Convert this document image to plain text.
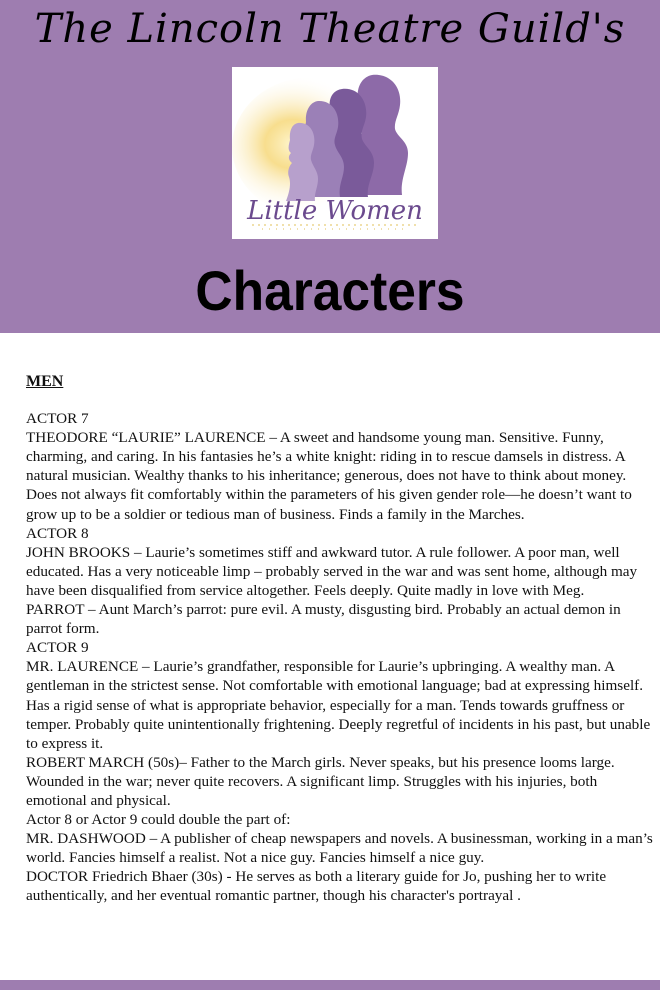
The Lincoln Theatre Guild's
Little Women
Characters
MEN

ACTOR 7

THEODORE “LAURIE” LAURENCE – A sweet and handsome young man. Sensitive. Funny, charming, and caring. In his fantasies he’s a white knight: riding in to rescue damsels in distress. A natural musician. Wealthy thanks to his inheritance; generous, does not have to think about money. Does not always fit comfortably within the parameters of his given gender role—he doesn’t want to grow up to be a soldier or tedious man of business. Finds a family in the Marches.

ACTOR 8

JOHN BROOKS – Laurie’s sometimes stiff and awkward tutor. A rule follower. A poor man, well educated. Has a very noticeable limp – probably served in the war and was sent home, although may have been disqualified from service altogether. Feels deeply. Quite madly in love with Meg.

PARROT – Aunt March’s parrot: pure evil. A musty, disgusting bird. Probably an actual demon in parrot form.

ACTOR 9

MR. LAURENCE – Laurie’s grandfather, responsible for Laurie’s upbringing. A wealthy man. A gentleman in the strictest sense. Not comfortable with emotional language; bad at expressing himself. Has a rigid sense of what is appropriate behavior, especially for a man. Tends towards gruffness or temper. Probably quite unintentionally frightening. Deeply regretful of incidents in his past, but unable to express it.

ROBERT MARCH (50s)– Father to the March girls. Never speaks, but his presence looms large. Wounded in the war; never quite recovers. A significant limp. Struggles with his injuries, both emotional and physical.

Actor 8 or Actor 9 could double the part of:

MR. DASHWOOD – A publisher of cheap newspapers and novels. A businessman, working in a man’s world. Fancies himself a realist. Not a nice guy. Fancies himself a nice guy.

DOCTOR Friedrich Bhaer (30s) - He serves as both a literary guide for Jo, pushing her to write authentically, and her eventual romantic partner, though his character's portrayal .
